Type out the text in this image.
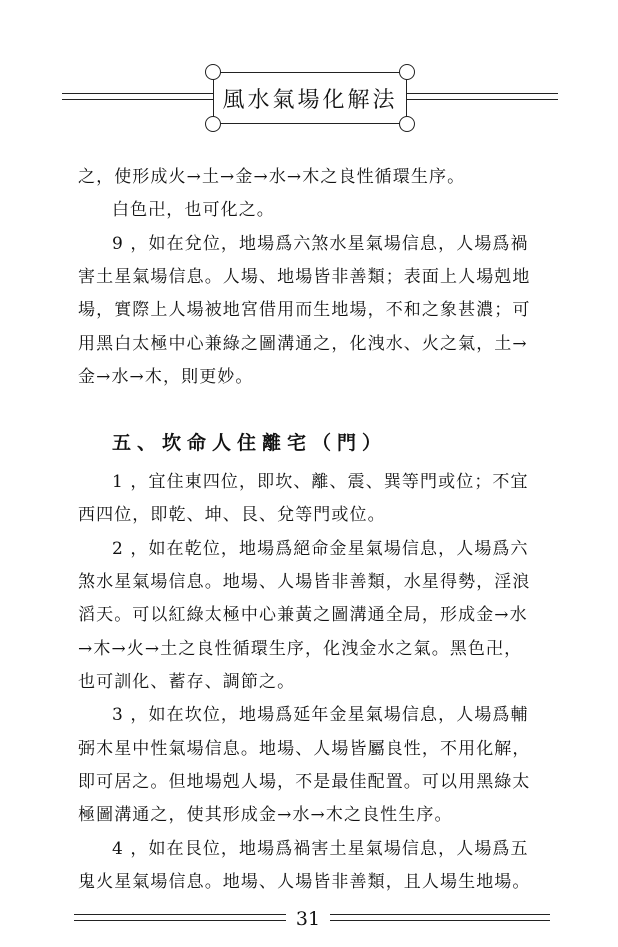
風水氣場化解法

之，使形成火→土→金→水→木之良性循環生序。

白色卍，也可化之。

9 ，如在兌位，地場爲六煞水星氣場信息，人場爲禍

害土星氣場信息。人場、地場皆非善類；表面上人場剋地

場，實際上人場被地宮借用而生地場，不和之象甚濃；可

用黑白太極中心兼綠之圖溝通之，化洩水、火之氣，土→

金→水→木，則更妙。

五、坎命人住離宅（門）

1 ，宜住東四位，即坎、離、震、巽等門或位；不宜

西四位，即乾、坤、艮、兌等門或位。

2 ，如在乾位，地場爲絕命金星氣場信息，人場爲六

煞水星氣場信息。地場、人場皆非善類，水星得勢，淫浪

滔天。可以紅綠太極中心兼黃之圖溝通全局，形成金→水

→木→火→土之良性循環生序，化洩金水之氣。黑色卍，

也可訓化、蓄存、調節之。

3 ，如在坎位，地場爲延年金星氣場信息，人場爲輔

弼木星中性氣場信息。地場、人場皆屬良性，不用化解，

即可居之。但地場剋人場，不是最佳配置。可以用黑綠太

極圖溝通之，使其形成金→水→木之良性生序。

4 ，如在艮位，地場爲禍害土星氣場信息，人場爲五

鬼火星氣場信息。地場、人場皆非善類，且人場生地場。

31
